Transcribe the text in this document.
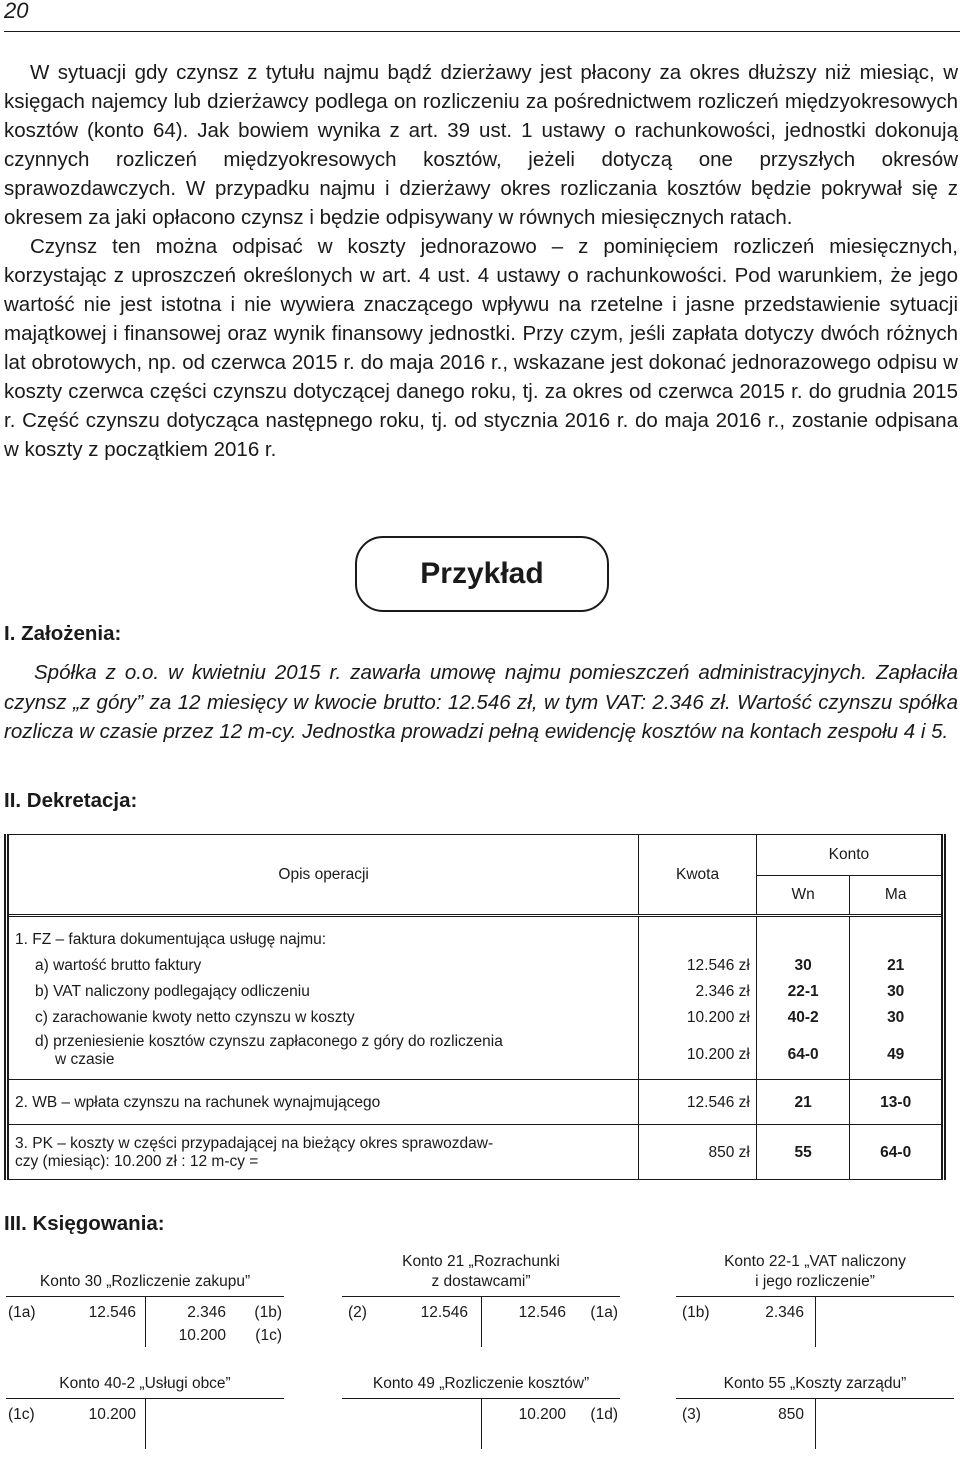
20

W sytuacji gdy czynsz z tytułu najmu bądź dzierżawy jest płacony za okres dłuższy niż miesiąc, w księgach najemcy lub dzierżawcy podlega on rozliczeniu za pośrednictwem rozliczeń międzyokresowych kosztów (konto 64). Jak bowiem wynika z art. 39 ust. 1 ustawy o rachunkowości, jednostki dokonują czynnych rozliczeń międzyokresowych kosztów, jeżeli dotyczą one przyszłych okresów sprawozdawczych. W przypadku najmu i dzierżawy okres rozliczania kosztów będzie pokrywał się z okresem za jaki opłacono czynsz i będzie odpisywany w równych miesięcznych ratach.

Czynsz ten można odpisać w koszty jednorazowo – z pominięciem rozliczeń miesięcznych, korzystając z uproszczeń określonych w art. 4 ust. 4 ustawy o rachunkowości. Pod warunkiem, że jego wartość nie jest istotna i nie wywiera znaczącego wpływu na rzetelne i jasne przedstawienie sytuacji majątkowej i finansowej oraz wynik finansowy jednostki. Przy czym, jeśli zapłata dotyczy dwóch różnych lat obrotowych, np. od czerwca 2015 r. do maja 2016 r., wskazane jest dokonać jednorazowego odpisu w koszty czerwca części czynszu dotyczącej danego roku, tj. za okres od czerwca 2015 r. do grudnia 2015 r. Część czynszu dotycząca następnego roku, tj. od stycznia 2016 r. do maja 2016 r., zostanie odpisana w koszty z początkiem 2016 r.

Przykład
I. Założenia:

Spółka z o.o. w kwietniu 2015 r. zawarła umowę najmu pomieszczeń administracyjnych. Zapłaciła czynsz „z góry” za 12 miesięcy w kwocie brutto: 12.546 zł, w tym VAT: 2.346 zł. Wartość czynszu spółka rozlicza w czasie przez 12 m-cy. Jednostka prowadzi pełną ewidencję kosztów na kontach zespołu 4 i 5.

II. Dekretacja:
Opis operacji	Kwota	Konto	
		Wn	Ma
1. FZ – faktura dokumentująca usługę najmu:			
a) wartość brutto faktury	12.546 zł	30	21
b) VAT naliczony podlegający odliczeniu	2.346 zł	22-1	30
c) zarachowanie kwoty netto czynszu w koszty	10.200 zł	40-2	30
d) przeniesienie kosztów czynszu zapłaconego z góry do rozliczenia
w czasie	10.200 zł	64-0	49
2. WB – wpłata czynszu na rachunek wynajmującego	12.546 zł	21	13-0
3. PK – koszty w części przypadającej na bieżący okres sprawozdaw-
czy (miesiąc): 10.200 zł : 12 m-cy =	850 zł	55	64-0
III. Księgowania:
Konto 30 „Rozliczenie zakupu”
(1a)	12.546	2.346 (1b)
10.200 (1c)
Konto 21 „Rozrachunki
z dostawcami”
(2)	12.546	12.546 (1a)
Konto 22-1 „VAT naliczony
i jego rozliczenie”
(1b)	2.346
Konto 40-2 „Usługi obce”
(1c)	10.200
Konto 49 „Rozliczenie kosztów”
10.200 (1d)
Konto 55 „Koszty zarządu”
(3)	850
